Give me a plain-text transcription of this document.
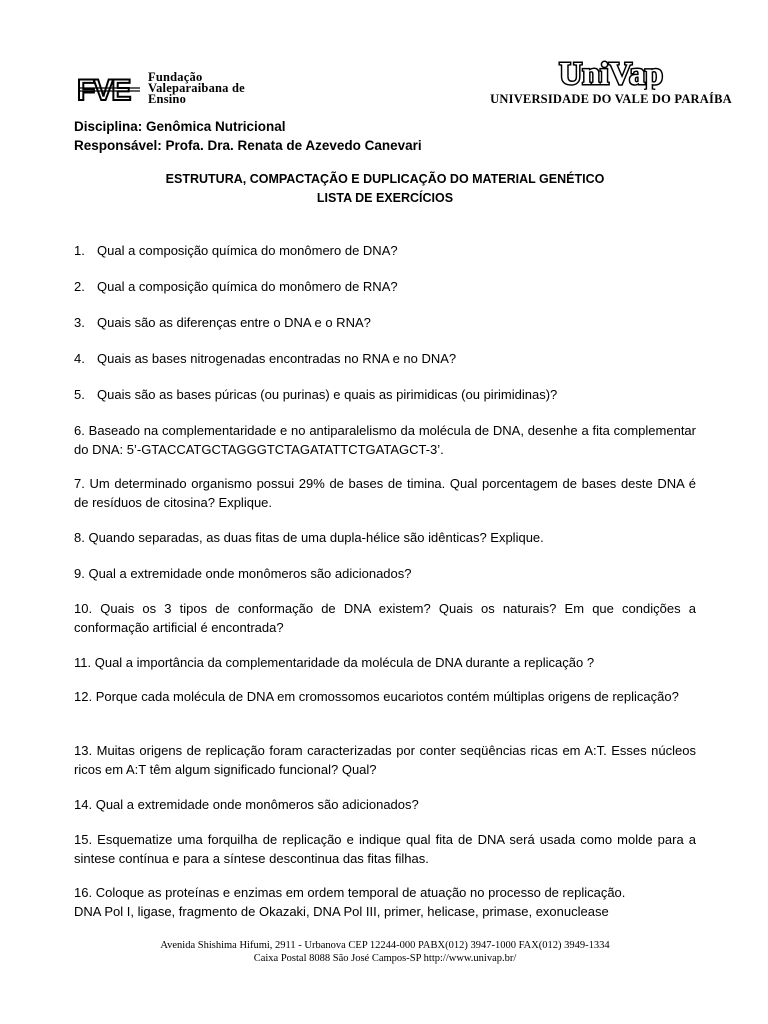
FVE Fundação
Valeparaibana de
Ensino
UniVap
UNIVERSIDADE DO VALE DO PARAÍBA
Disciplina: Genômica Nutricional
Responsável: Profa. Dra. Renata de Azevedo Canevari
ESTRUTURA, COMPACTAÇÃO E DUPLICAÇÃO DO MATERIAL GENÉTICO
LISTA DE EXERCÍCIOS
1. Qual a composição química do monômero de DNA?
2. Qual a composição química do monômero de RNA?
3. Quais são as diferenças entre o DNA e o RNA?
4. Quais as bases nitrogenadas encontradas no RNA e no DNA?
5. Quais são as bases púricas (ou purinas) e quais as pirimidicas (ou pirimidinas)?
6. Baseado na complementaridade e no antiparalelismo da molécula de DNA, desenhe a fita complementar do DNA: 5’-GTACCATGCTAGGGTCTAGATATTCTGATAGCT-3’.
7. Um determinado organismo possui 29% de bases de timina. Qual porcentagem de bases deste DNA é de resíduos de citosina? Explique.
8. Quando separadas, as duas fitas de uma dupla-hélice são idênticas? Explique.
9. Qual a extremidade onde monômeros são adicionados?
10. Quais os 3 tipos de conformação de DNA existem? Quais os naturais? Em que condições a conformação artificial é encontrada?
11. Qual a importância da complementaridade da molécula de DNA durante a replicação ?
12. Porque cada molécula de DNA em cromossomos eucariotos contém múltiplas origens de replicação?
13. Muitas origens de replicação foram caracterizadas por conter seqüências ricas em A:T. Esses núcleos ricos em A:T têm algum significado funcional? Qual?
14. Qual a extremidade onde monômeros são adicionados?
15. Esquematize uma forquilha de replicação e indique qual fita de DNA será usada como molde para a sintese contínua e para a síntese descontinua das fitas filhas.
16. Coloque as proteínas e enzimas em ordem temporal de atuação no processo de replicação.
DNA Pol I, ligase, fragmento de Okazaki, DNA Pol III, primer, helicase, primase, exonuclease
Avenida Shishima Hifumi, 2911 - Urbanova CEP 12244-000 PABX(012) 3947-1000 FAX(012) 3949-1334
Caixa Postal 8088 São José Campos-SP http://www.univap.br/
